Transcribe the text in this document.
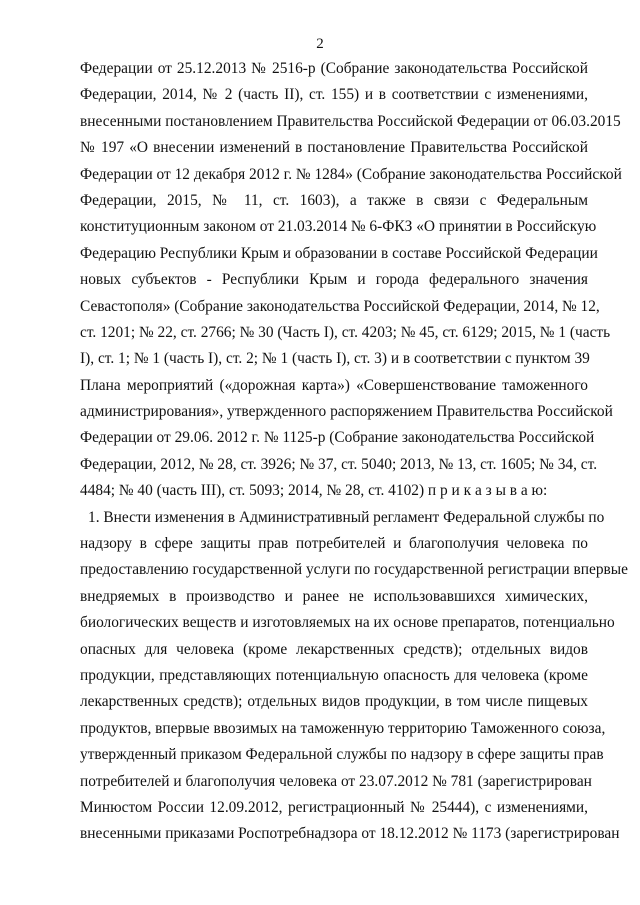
2
Федерации от 25.12.2013 № 2516-р (Собрание законодательства Российской
Федерации, 2014, № 2 (часть II), ст. 155) и в соответствии с изменениями,
внесенными постановлением Правительства Российской Федерации от 06.03.2015
№ 197 «О внесении изменений в постановление Правительства Российской
Федерации от 12 декабря 2012 г. № 1284» (Собрание законодательства Российской
Федерации, 2015, № 11, ст. 1603), а также в связи с Федеральным
конституционным законом от 21.03.2014 № 6-ФКЗ «О принятии в Российскую
Федерацию Республики Крым и образовании в составе Российской Федерации
новых субъектов - Республики Крым и города федерального значения
Севастополя» (Собрание законодательства Российской Федерации, 2014, № 12,
ст. 1201; № 22, ст. 2766; № 30 (Часть I), ст. 4203; № 45, ст. 6129; 2015, № 1 (часть
I), ст. 1; № 1 (часть I), ст. 2; № 1 (часть I), ст. 3) и в соответствии с пунктом 39
Плана мероприятий («дорожная карта») «Совершенствование таможенного
администрирования», утвержденного распоряжением Правительства Российской
Федерации от 29.06. 2012 г. № 1125-р (Собрание законодательства Российской
Федерации, 2012, № 28, ст. 3926; № 37, ст. 5040; 2013, № 13, ст. 1605; № 34, ст.
4484; № 40 (часть III), ст. 5093; 2014, № 28, ст. 4102) п р и к а з ы в а ю:
1. Внести изменения в Административный регламент Федеральной службы по
надзору в сфере защиты прав потребителей и благополучия человека по
предоставлению государственной услуги по государственной регистрации впервые
внедряемых в производство и ранее не использовавшихся химических,
биологических веществ и изготовляемых на их основе препаратов, потенциально
опасных для человека (кроме лекарственных средств); отдельных видов
продукции, представляющих потенциальную опасность для человека (кроме
лекарственных средств); отдельных видов продукции, в том числе пищевых
продуктов, впервые ввозимых на таможенную территорию Таможенного союза,
утвержденный приказом Федеральной службы по надзору в сфере защиты прав
потребителей и благополучия человека от 23.07.2012 № 781 (зарегистрирован
Минюстом России 12.09.2012, регистрационный № 25444), с изменениями,
внесенными приказами Роспотребнадзора от 18.12.2012 № 1173 (зарегистрирован
